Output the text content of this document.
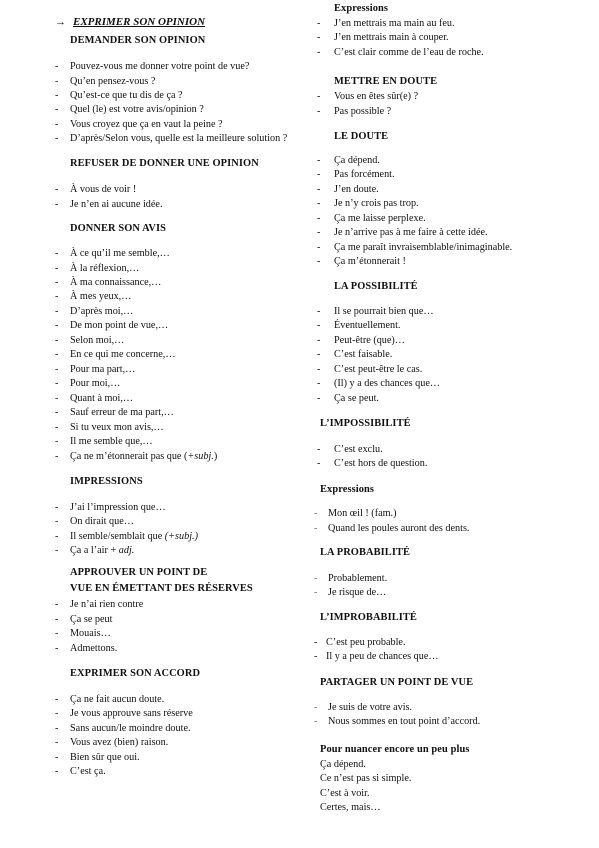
→ EXPRIMER SON OPINION
DEMANDER SON OPINION
- Pouvez-vous me donner votre point de vue?
- Qu’en pensez-vous ?
- Qu’est-ce que tu dis de ça ?
- Quel (le) est votre avis/opinion ?
- Vous croyez que ça en vaut la peine ?
- D’après/Selon vous, quelle est la meilleure solution ?
REFUSER DE DONNER UNE OPINION
- À vous de voir !
- Je n’en ai aucune idée.
DONNER SON AVIS
- À ce qu’il me semble,…
- À la réflexion,…
- À ma connaissance,…
- À mes yeux,…
- D’après moi,…
- De mon point de vue,…
- Selon moi,…
- En ce qui me concerne,…
- Pour ma part,…
- Pour moi,…
- Quant à moi,…
- Sauf erreur de ma part,…
- Si tu veux mon avis,…
- Il me semble que,…
- Ça ne m’étonnerait pas que (+subj.)
IMPRESSIONS
- J’ai l’impression que…
- On dirait que…
- Il semble/semblait que (+subj.)
- Ça a l’air + adj.
APPROUVER UN POINT DE
VUE EN ÉMETTANT DES RÉSERVES
- Je n’ai rien contre
- Ça se peut
- Mouais…
- Admettons.
EXPRIMER SON ACCORD
- Ça ne fait aucun doute.
- Je vous approuve sans réserve
- Sans aucun/le moindre doute.
- Vous avez (bien) raison.
- Bien sûr que oui.
- C’est ça.
Expressions
- J’en mettrais ma main au feu.
- J’en mettrais main à couper.
- C’est clair comme de l’eau de roche.
METTRE EN DOUTE
- Vous en êtes sûr(e) ?
- Pas possible ?
LE DOUTE
- Ça dépend.
- Pas forcément.
- J’en doute.
- Je n’y crois pas trop.
- Ça me laisse perplexe.
- Je n’arrive pas à me faire à cette idée.
- Ça me paraît invraisemblable/inimaginable.
- Ça m’étonnerait !
LA POSSIBILITÉ
- Il se pourrait bien que…
- Éventuellement.
- Peut-être (que)…
- C’est faisable.
- C’est peut-être le cas.
- (Il) y a des chances que…
- Ça se peut.
L’IMPOSSIBILITÉ
- C’est exclu.
- C’est hors de question.
Expressions
- Mon œil ! (fam.)
- Quand les poules auront des dents.
LA PROBABILITÉ
- Probablement.
- Je risque de…
L’IMPROBABILITÉ
- C’est peu probable.
- Il y a peu de chances que…
PARTAGER UN POINT DE VUE
- Je suis de votre avis.
- Nous sommes en tout point d’accord.
Pour nuancer encore un peu plus
Ça dépend.
Ce n’est pas si simple.
C’est à voir.
Certes, mais…
